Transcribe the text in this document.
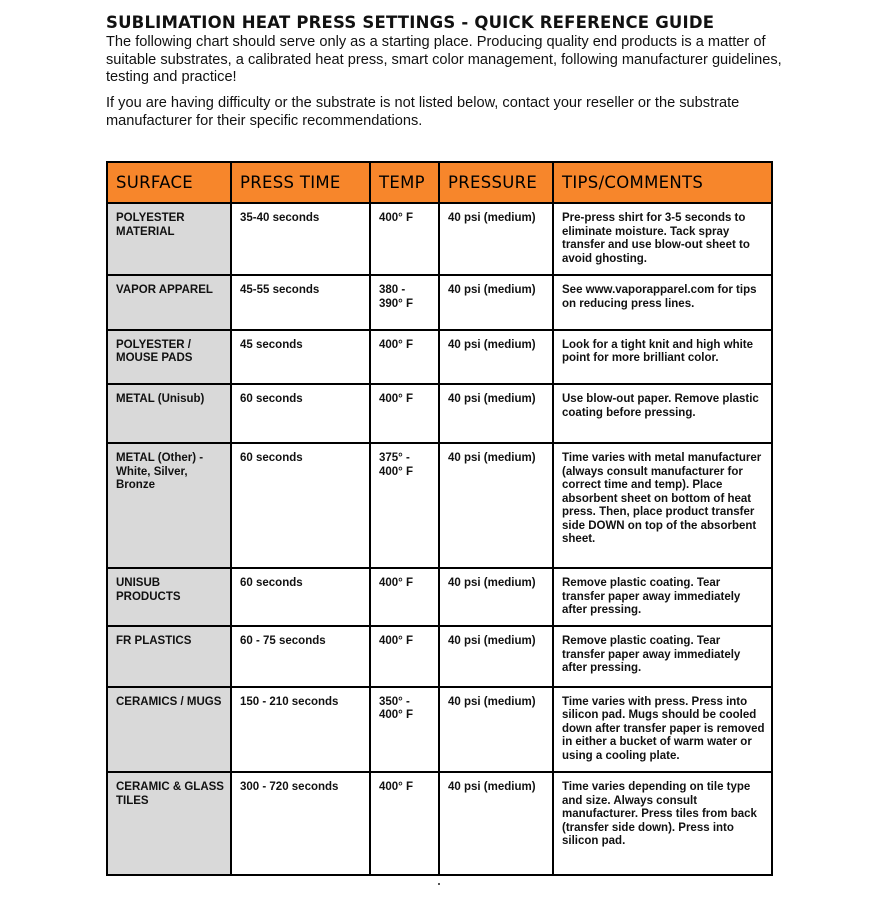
SUBLIMATION HEAT PRESS SETTINGS - QUICK REFERENCE GUIDE

The following chart should serve only as a starting place. Producing quality end products is a matter of suitable substrates, a calibrated heat press, smart color management, following manufacturer guidelines, testing and practice!

If you are having difficulty or the substrate is not listed below, contact your reseller or the substrate manufacturer for their specific recommendations.

SURFACE	PRESS TIME	TEMP	PRESSURE	TIPS/COMMENTS
POLYESTER MATERIAL	35-40 seconds	400° F	40 psi (medium)	Pre-press shirt for 3-5 seconds to eliminate moisture. Tack spray transfer and use blow-out sheet to avoid ghosting.
VAPOR APPAREL	45-55 seconds	380 - 390° F	40 psi (medium)	See www.vaporapparel.com for tips on reducing press lines.
POLYESTER / MOUSE PADS	45 seconds	400° F	40 psi (medium)	Look for a tight knit and high white point for more brilliant color.
METAL (Unisub)	60 seconds	400° F	40 psi (medium)	Use blow-out paper. Remove plastic coating before pressing.
METAL (Other) - White, Silver, Bronze	60 seconds	375° - 400° F	40 psi (medium)	Time varies with metal manufacturer (always consult manufacturer for correct time and temp). Place absorbent sheet on bottom of heat press. Then, place product transfer side DOWN on top of the absorbent sheet.
UNISUB PRODUCTS	60 seconds	400° F	40 psi (medium)	Remove plastic coating. Tear transfer paper away immediately after pressing.
FR PLASTICS	60 - 75 seconds	400° F	40 psi (medium)	Remove plastic coating. Tear transfer paper away immediately after pressing.
CERAMICS / MUGS	150 - 210 seconds	350° - 400° F	40 psi (medium)	Time varies with press. Press into silicon pad. Mugs should be cooled down after transfer paper is removed in either a bucket of warm water or using a cooling plate.
CERAMIC & GLASS TILES	300 - 720 seconds	400° F	40 psi (medium)	Time varies depending on tile type and size. Always consult manufacturer. Press tiles from back (transfer side down). Press into silicon pad.
